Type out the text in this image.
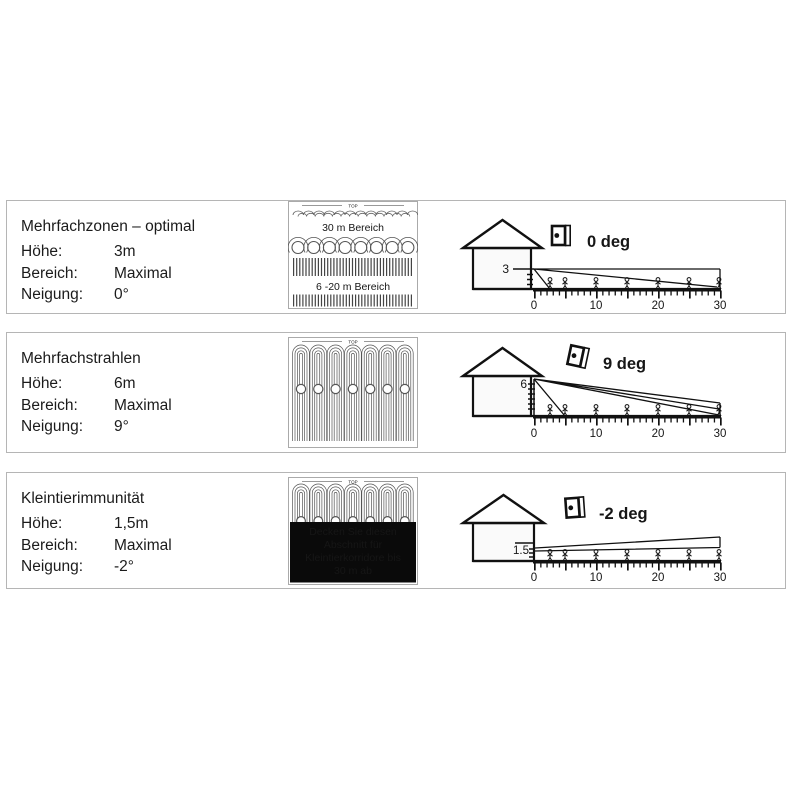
Mehrfachzonen – optimal
Höhe:	3m
Bereich: Maximal
Neigung: 0°
TOP
30 m Bereich
6 -20 m Bereich
3
0 deg
0	10	20	30
Mehrfachstrahlen
Höhe:	6m
Bereich: Maximal
Neigung: 9°
TOP
6
9 deg
0	10	20	30
Kleintierimmunität
Höhe:	1,5m
Bereich: Maximal
Neigung: -2°
TOP
Decken Sie diesen
Abschnitt für
Kleintierkorridore bis
30 m ab
1.5
-2 deg
0	10	20	30
